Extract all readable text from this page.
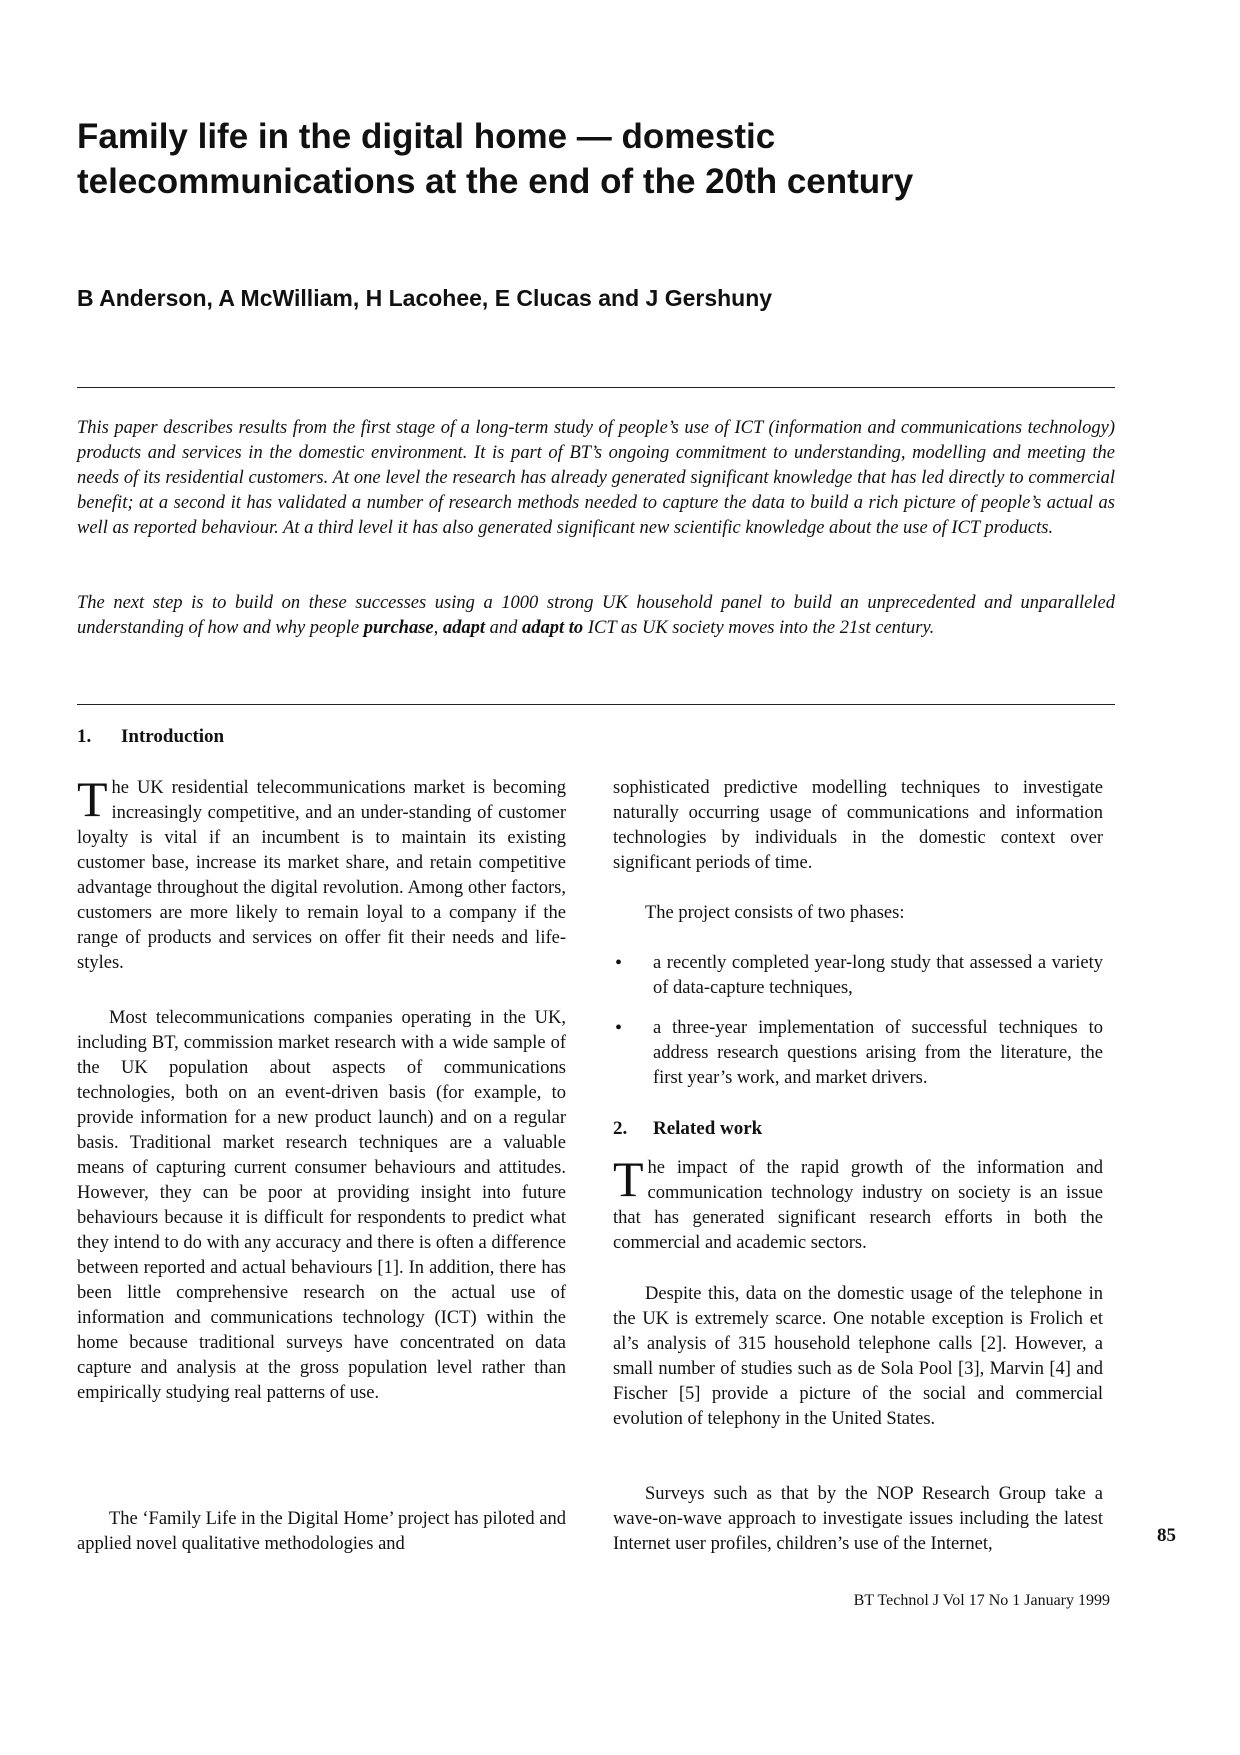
Family life in the digital home — domestic
telecommunications at the end of the 20th century
B Anderson, A McWilliam, H Lacohee, E Clucas and J Gershuny

This paper describes results from the first stage of a long-term study of people’s use of ICT (information and communications technology) products and services in the domestic environment. It is part of BT’s ongoing commitment to understanding, modelling and meeting the needs of its residential customers. At one level the research has already generated significant knowledge that has led directly to commercial benefit; at a second it has validated a number of research methods needed to capture the data to build a rich picture of people’s actual as well as reported behaviour. At a third level it has also generated significant new scientific knowledge about the use of ICT products.

The next step is to build on these successes using a 1000 strong UK household panel to build an unprecedented and unparalleled understanding of how and why people purchase, adapt and adapt to ICT as UK society moves into the 21st century.

1. Introduction

The UK residential telecommunications market is becoming increasingly competitive, and an under-standing of customer loyalty is vital if an incumbent is to maintain its existing customer base, increase its market share, and retain competitive advantage throughout the digital revolution. Among other factors, customers are more likely to remain loyal to a company if the range of products and services on offer fit their needs and life-styles.

Most telecommunications companies operating in the UK, including BT, commission market research with a wide sample of the UK population about aspects of communications technologies, both on an event-driven basis (for example, to provide information for a new product launch) and on a regular basis. Traditional market research techniques are a valuable means of capturing current consumer behaviours and attitudes. However, they can be poor at providing insight into future behaviours because it is difficult for respondents to predict what they intend to do with any accuracy and there is often a difference between reported and actual behaviours [1]. In addition, there has been little comprehensive research on the actual use of information and communications technology (ICT) within the home because traditional surveys have concentrated on data capture and analysis at the gross population level rather than empirically studying real patterns of use.

The ‘Family Life in the Digital Home’ project has piloted and applied novel qualitative methodologies and

sophisticated predictive modelling techniques to investigate naturally occurring usage of communications and information technologies by individuals in the domestic context over significant periods of time.

The project consists of two phases:

• a recently completed year-long study that assessed a variety of data-capture techniques,
• a three-year implementation of successful techniques to address research questions arising from the literature, the first year’s work, and market drivers.
2. Related work

The impact of the rapid growth of the information and communication technology industry on society is an issue that has generated significant research efforts in both the commercial and academic sectors.

Despite this, data on the domestic usage of the telephone in the UK is extremely scarce. One notable exception is Frolich et al’s analysis of 315 household telephone calls [2]. However, a small number of studies such as de Sola Pool [3], Marvin [4] and Fischer [5] provide a picture of the social and commercial evolution of telephony in the United States.

Surveys such as that by the NOP Research Group take a wave-on-wave approach to investigate issues including the latest Internet user profiles, children’s use of the Internet,	85
BT Technol J Vol 17 No 1 January 1999
